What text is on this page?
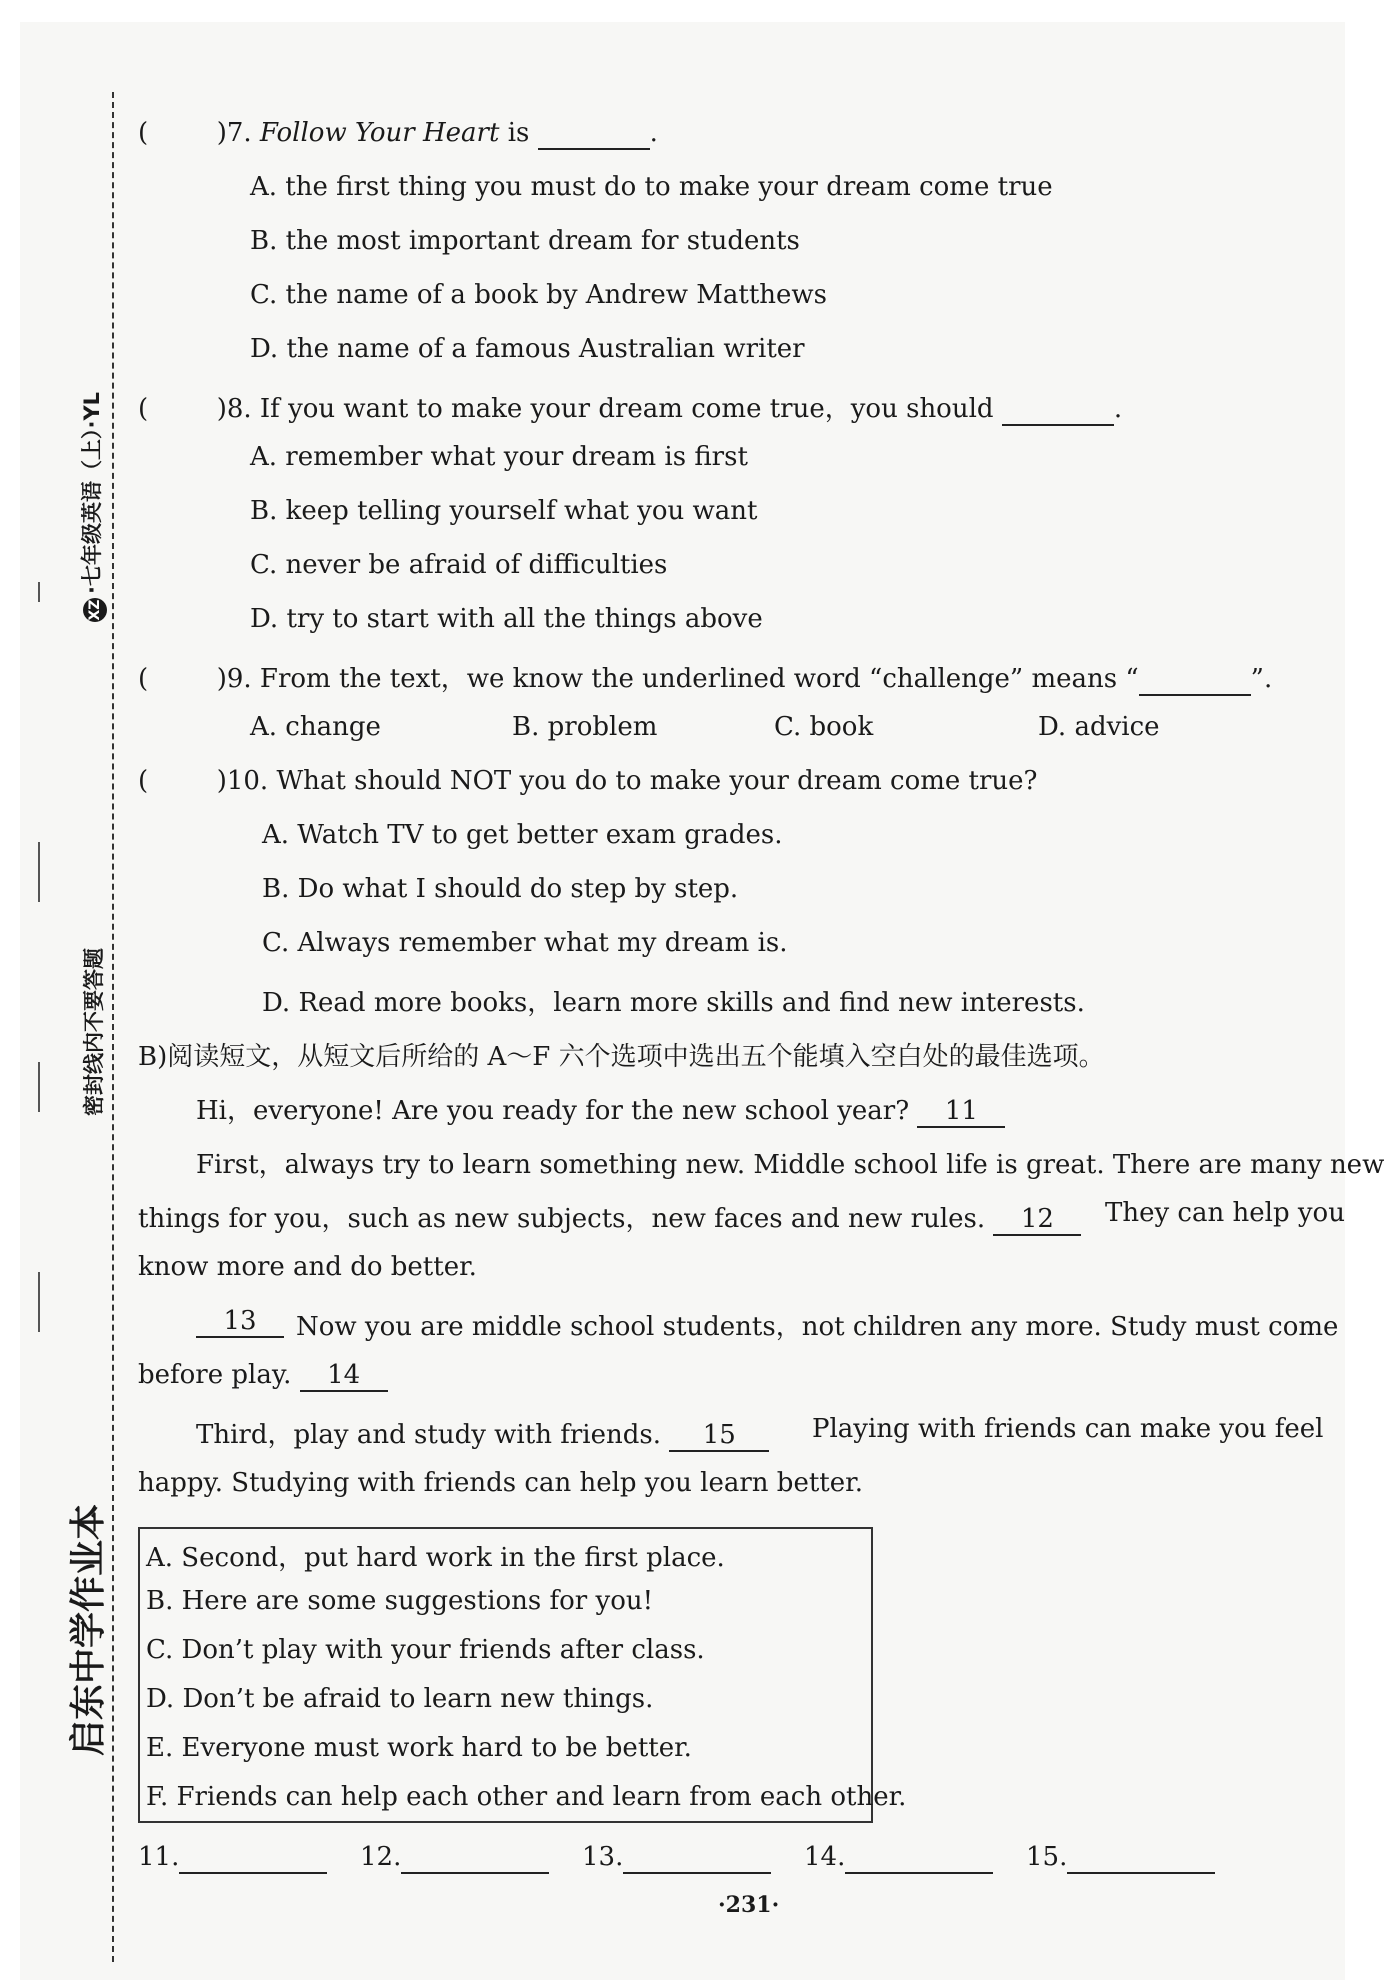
启东中学作业本
密封线内不要答题
XZ·七年级英语（上）·YL
(	)7. Follow Your Heart is	.
A. the first thing you must do to make your dream come true
B. the most important dream for students
C. the name of a book by Andrew Matthews
D. the name of a famous Australian writer
(	)8. If you want to make your dream come true，you should	.
A. remember what your dream is first
B. keep telling yourself what you want
C. never be afraid of difficulties
D. try to start with all the things above
(	)9. From the text，we know the underlined word “challenge” means “	”.
A. change	B. problem	C. book	D. advice
(	)10. What should NOT you do to make your dream come true?
A. Watch TV to get better exam grades.
B. Do what I should do step by step.
C. Always remember what my dream is.
D. Read more books，learn more skills and find new interests.
B)阅读短文，从短文后所给的 A～F 六个选项中选出五个能填入空白处的最佳选项。
Hi，everyone! Are you ready for the new school year? 11
First，always try to learn something new. Middle school life is great. There are many new
things for you，such as new subjects，new faces and new rules. 12	They can help you
know more and do better.
13	Now you are middle school students，not children any more. Study must come
before play. 14
Third，play and study with friends. 15	Playing with friends can make you feel
happy. Studying with friends can help you learn better.
A. Second，put hard work in the first place.
B. Here are some suggestions for you!
C. Don’t play with your friends after class.
D. Don’t be afraid to learn new things.
E. Everyone must work hard to be better.
F. Friends can help each other and learn from each other.
11.	12.	13.	14.	15.
·231·
